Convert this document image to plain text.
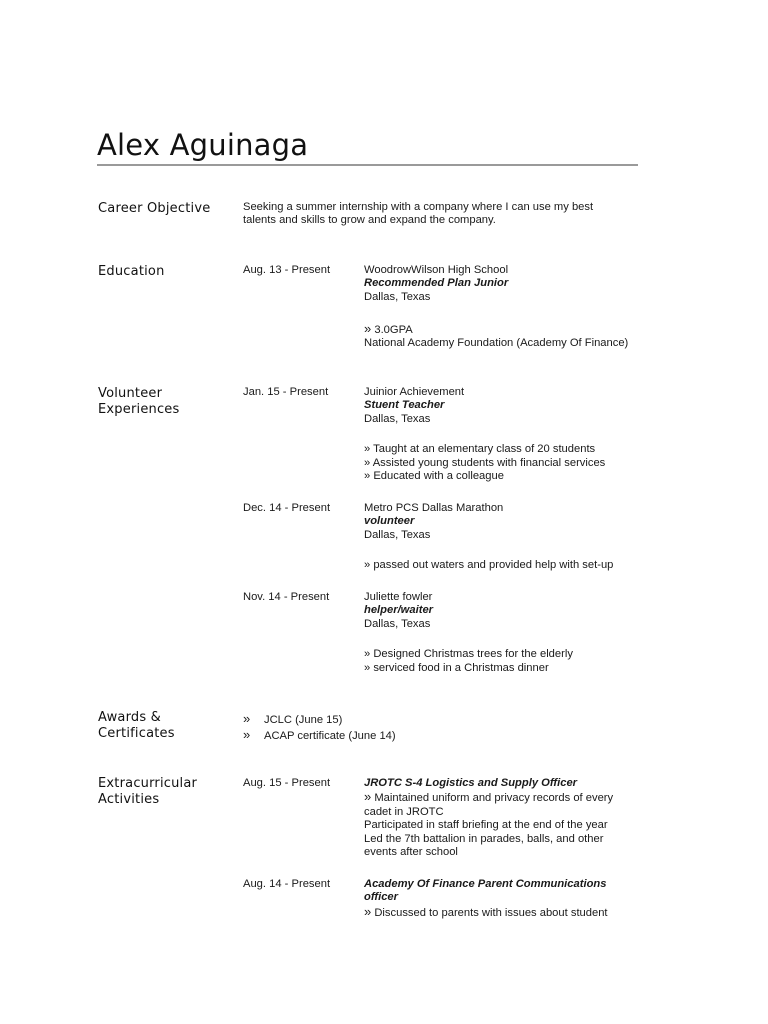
Alex Aguinaga
Career Objective	Seeking a summer internship with a company where I can use my best talents and skills to grow and expand the company.
Education	Aug. 13 - Present	WoodrowWilson High School
Recommended Plan Junior
Dallas, Texas
» 3.0GPA
National Academy Foundation (Academy Of Finance)
Volunteer
Experiences
Jan. 15 - Present	Juinior Achievement
Stuent Teacher
Dallas, Texas
» Taught at an elementary class of 20 students
» Assisted young students with financial services
» Educated with a colleague
Dec. 14 - Present	Metro PCS Dallas Marathon
volunteer
Dallas, Texas
» passed out waters and provided help with set-up
Nov. 14 - Present	Juliette fowler
helper/waiter
Dallas, Texas
» Designed Christmas trees for the elderly
» serviced food in a Christmas dinner
Awards &
Certificates
» JCLC (June 15)
» ACAP certificate (June 14)
Extracurricular
Activities
Aug. 15 - Present	JROTC S-4 Logistics and Supply Officer
» Maintained uniform and privacy records of every cadet in JROTC
Participated in staff briefing at the end of the year
Led the 7th battalion in parades, balls, and other events after school
Aug. 14 - Present	Academy Of Finance Parent Communications officer
» Discussed to parents with issues about student
